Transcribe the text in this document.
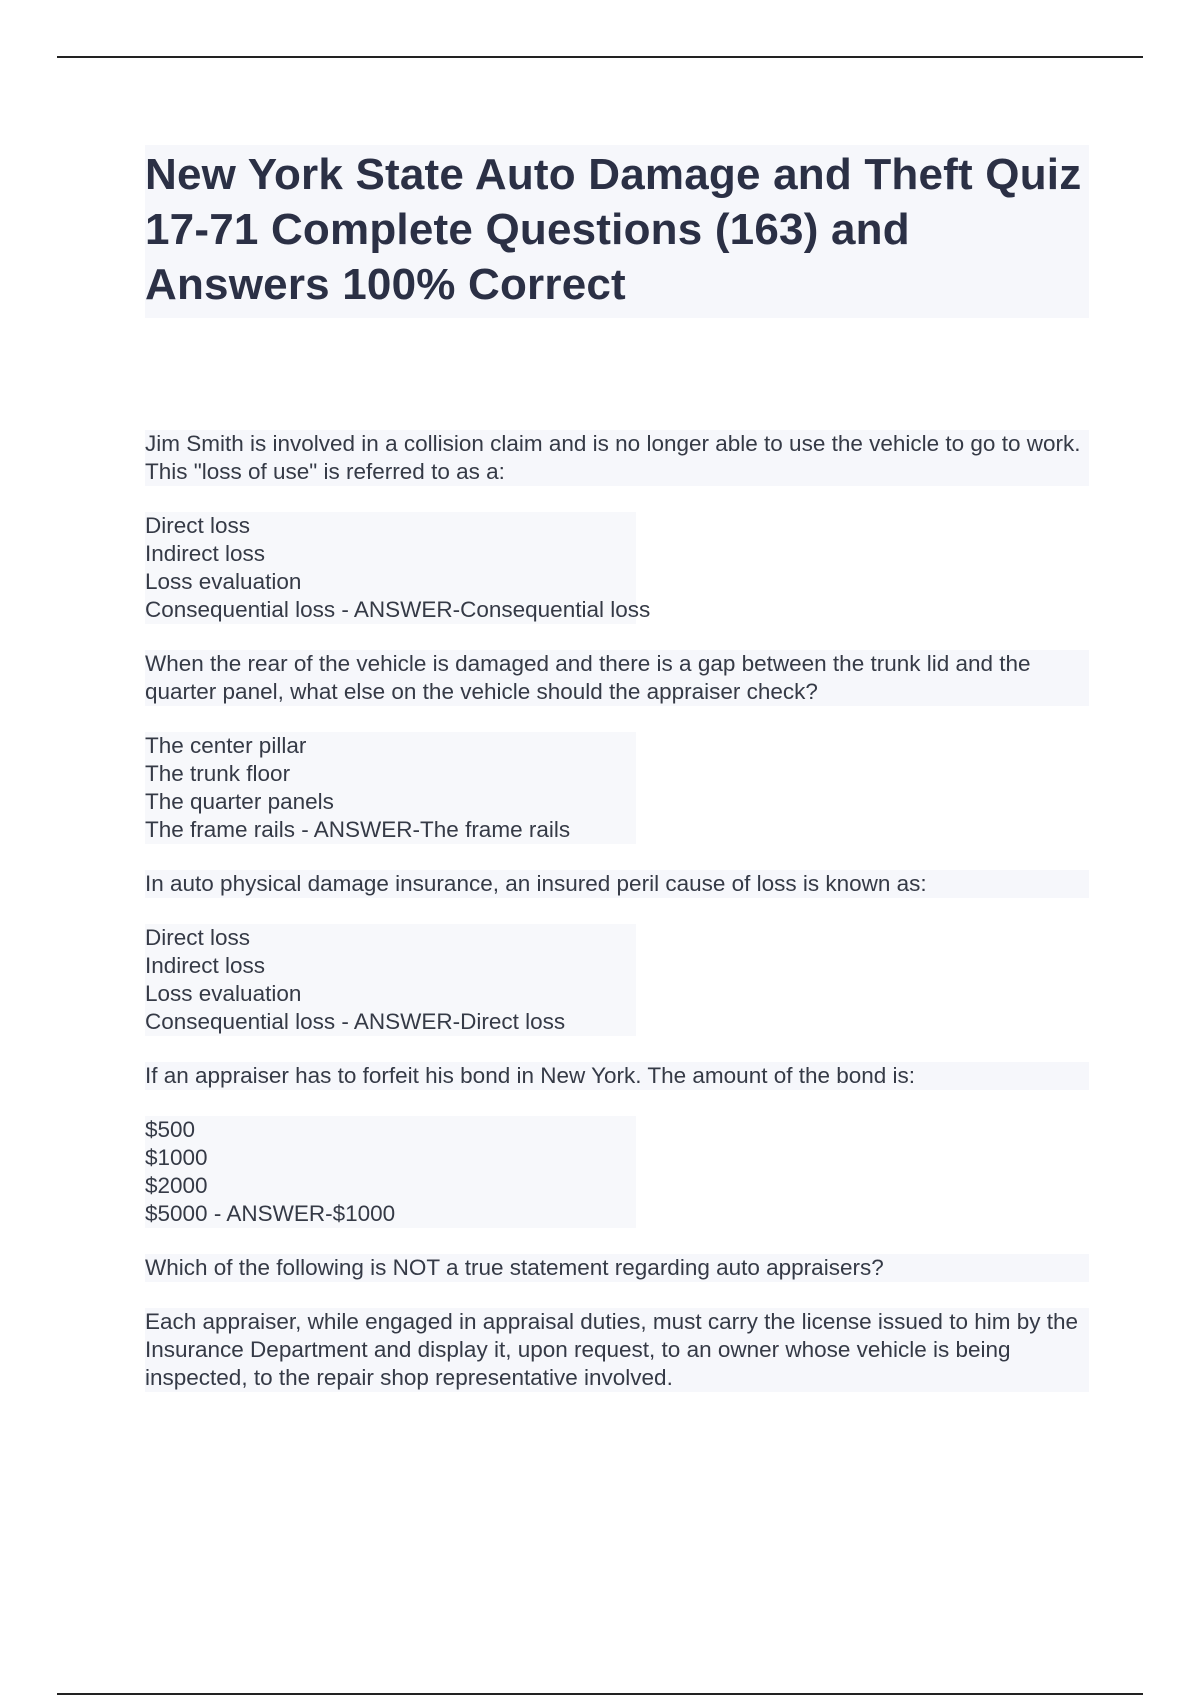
New York State Auto Damage and Theft Quiz 17-71 Complete Questions (163) and Answers 100% Correct
Jim Smith is involved in a collision claim and is no longer able to use the vehicle to go to work. This "loss of use" is referred to as a:
Direct loss
Indirect loss
Loss evaluation
Consequential loss - ANSWER-Consequential loss
When the rear of the vehicle is damaged and there is a gap between the trunk lid and the quarter panel, what else on the vehicle should the appraiser check?
The center pillar
The trunk floor
The quarter panels
The frame rails - ANSWER-The frame rails
In auto physical damage insurance, an insured peril cause of loss is known as:
Direct loss
Indirect loss
Loss evaluation
Consequential loss - ANSWER-Direct loss
If an appraiser has to forfeit his bond in New York. The amount of the bond is:
$500
$1000
$2000
$5000 - ANSWER-$1000
Which of the following is NOT a true statement regarding auto appraisers?
Each appraiser, while engaged in appraisal duties, must carry the license issued to him by the Insurance Department and display it, upon request, to an owner whose vehicle is being inspected, to the repair shop representative involved.
